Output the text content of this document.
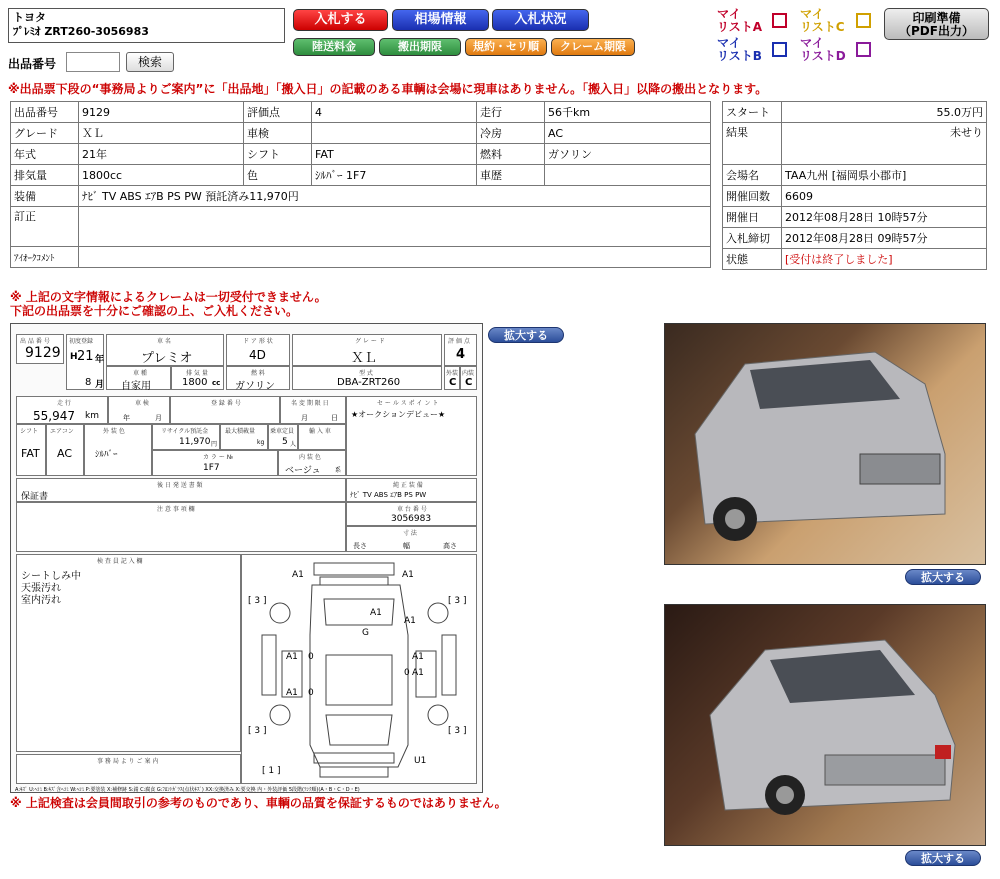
トヨタ
ﾌﾟﾚﾐｵ ZRT260-3056983
出品番号	検索
入札する	相場情報	入札状況
陸送料金	搬出期限	規約・セリ順	クレーム期限
マイ
リストA
マイ
リストC
マイ
リストB
マイ
リストD
印刷準備
（PDF出力）
※出品票下段の“事務局よりご案内”に「出品地」「搬入日」の記載のある車輌は会場に現車はありません。「搬入日」以降の搬出となります。
出品番号	9129	評価点	4	走行	56千km
グレード	ＸＬ	車検		冷房	AC
年式	21年	シフト	FAT	燃料	ガソリン
排気量	1800cc	色	ｼﾙﾊﾞｰ 1F7	車歴	
装備	ﾅﾋﾞ TV ABS ｴｱB PS PW 預託済み11,970円				
訂正					
ｱｲｵｰｸｺﾒﾝﾄ					
スタート	55.0万円
結果	未せり
会場名	TAA九州 [福岡県小郡市]
開催回数	6609
開催日	2012年08月28日 10時57分
入札締切	2012年08月28日 09時57分
状態	[受付は終了しました]
※ 上記の文字情報によるクレームは一切受付できません。
下記の出品票を十分にご確認の上、ご入札ください。
出 品 番 号
9129
初度登録
H 21 年
8 月
車 名
プレミオ
ド ア 形 状
4D
グ レ ー ド
ＸＬ
評 価 点
4
車 種
自家用
排 気 量
1800 cc
燃 料
ガソリン
型 式
DBA-ZRT260
外装
C
内装
C
走 行
55,947 km
車 検
年	月
登 録 番 号	名 変 期 限 日
月	日
セ ー ル ス ポ イ ン ト
★オークションデビュー★
シフト
FAT
エアコン
AC
外 装 色
ｼﾙﾊﾞｰ
リサイクル預託金
11,970 円
最大積載量
kg
乗車定員
5 人
輸 入 車
カ ラ ー №
1F7
内 装 色
ベージュ 系
後 日 発 送 書 類
保証書
純 正 装 備
ﾅﾋﾞ TV ABS ｴｱB PS PW
注 意 事 項 欄	車 台 番 号
3056983
寸 法
長さ	幅	高さ
検 査 員 記 入 欄
シートしみ中
天張汚れ
室内汚れ
事 務 局 よ り ご 案 内
A1	A1
[ 3 ]	[ 3 ]
A1
A1
G
A1 0	A1
0 A1
A1 0
[ 3 ]	[ 3 ]
[ 1 ]
U1
A:ｷｽﾞ U:ﾍｺﾐ B:ｷｽﾞ含ﾍｺﾐ W:ﾍｺﾐ P:要塗装 X:補修跡 S:錆 C:腐食 G:ﾌﾛﾝﾄｶﾞﾗｽ(点状ｷｽﾞ) XX:交換済み X:要交換 内・外装評価 5段階(ﾗﾝｸ順)(A・B・C・D・E)
拡大する
※ 上記検査は会員間取引の参考のものであり、車輌の品質を保証するものではありません。
拡大する
拡大する
